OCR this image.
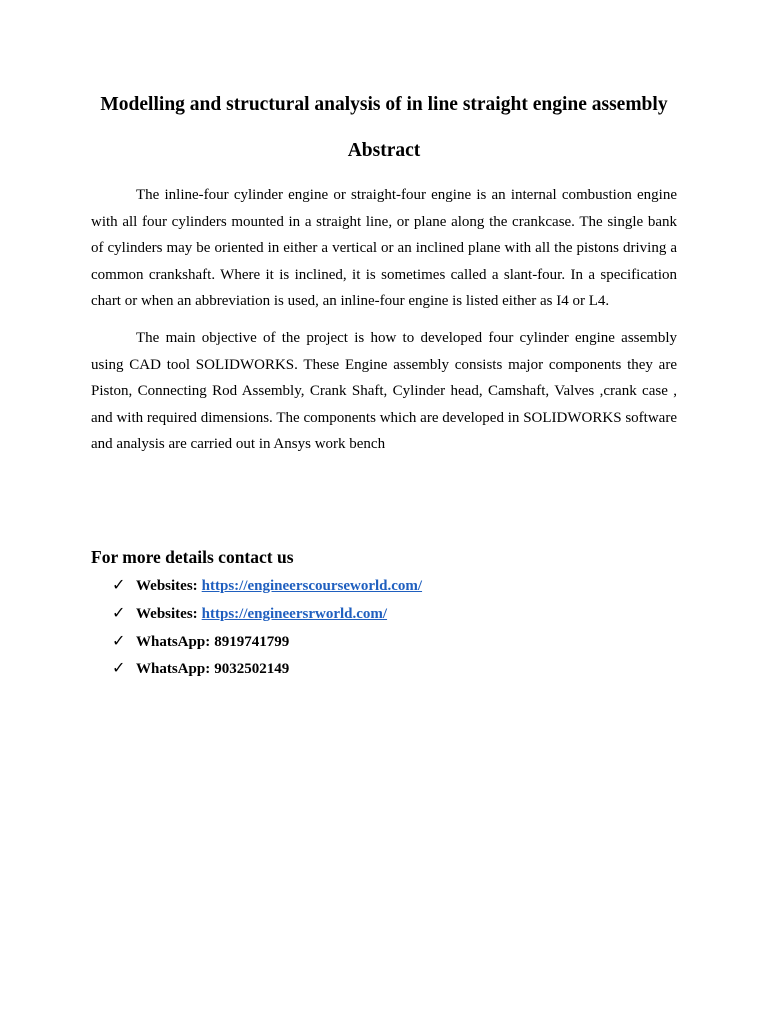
Modelling and structural analysis of in line straight engine assembly
Abstract

The inline-four cylinder engine or straight-four engine is an internal combustion engine with all four cylinders mounted in a straight line, or plane along the crankcase. The single bank of cylinders may be oriented in either a vertical or an inclined plane with all the pistons driving a common crankshaft. Where it is inclined, it is sometimes called a slant-four. In a specification chart or when an abbreviation is used, an inline-four engine is listed either as I4 or L4.

The main objective of the project is how to developed four cylinder engine assembly using CAD tool SOLIDWORKS. These Engine assembly consists major components they are Piston, Connecting Rod Assembly, Crank Shaft, Cylinder head, Camshaft, Valves ,crank case , and with required dimensions. The components which are developed in SOLIDWORKS software and analysis are carried out in Ansys work bench

For more details contact us
✓ Websites: https://engineerscourseworld.com/
✓ Websites: https://engineersrworld.com/
✓ WhatsApp: 8919741799
✓ WhatsApp: 9032502149
